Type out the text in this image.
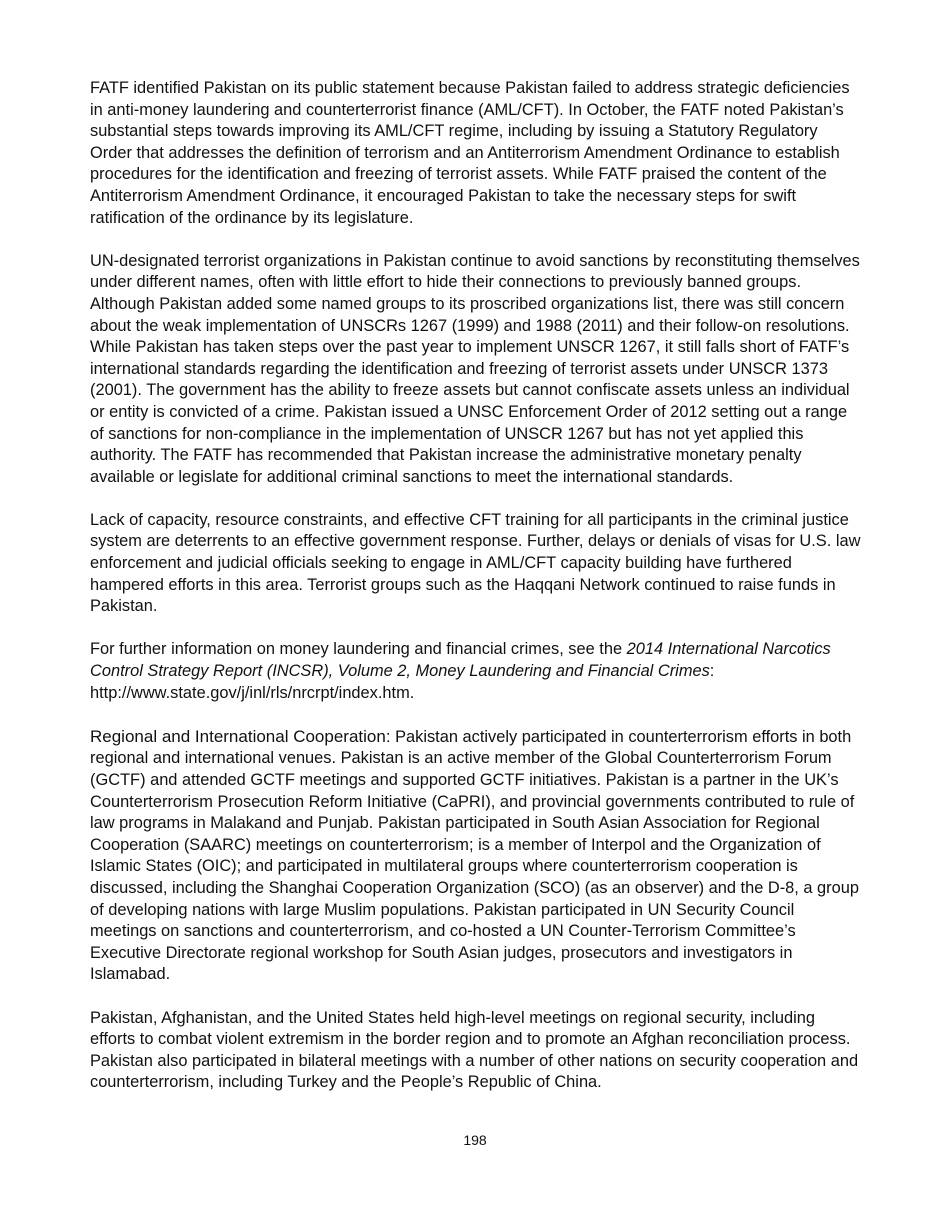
FATF identified Pakistan on its public statement because Pakistan failed to address strategic deficiencies in anti-money laundering and counterterrorist finance (AML/CFT). In October, the FATF noted Pakistan’s substantial steps towards improving its AML/CFT regime, including by issuing a Statutory Regulatory Order that addresses the definition of terrorism and an Antiterrorism Amendment Ordinance to establish procedures for the identification and freezing of terrorist assets. While FATF praised the content of the Antiterrorism Amendment Ordinance, it encouraged Pakistan to take the necessary steps for swift ratification of the ordinance by its legislature.

UN-designated terrorist organizations in Pakistan continue to avoid sanctions by reconstituting themselves under different names, often with little effort to hide their connections to previously banned groups. Although Pakistan added some named groups to its proscribed organizations list, there was still concern about the weak implementation of UNSCRs 1267 (1999) and 1988 (2011) and their follow-on resolutions. While Pakistan has taken steps over the past year to implement UNSCR 1267, it still falls short of FATF’s international standards regarding the identification and freezing of terrorist assets under UNSCR 1373 (2001). The government has the ability to freeze assets but cannot confiscate assets unless an individual or entity is convicted of a crime. Pakistan issued a UNSC Enforcement Order of 2012 setting out a range of sanctions for non-compliance in the implementation of UNSCR 1267 but has not yet applied this authority. The FATF has recommended that Pakistan increase the administrative monetary penalty available or legislate for additional criminal sanctions to meet the international standards.

Lack of capacity, resource constraints, and effective CFT training for all participants in the criminal justice system are deterrents to an effective government response. Further, delays or denials of visas for U.S. law enforcement and judicial officials seeking to engage in AML/CFT capacity building have furthered hampered efforts in this area. Terrorist groups such as the Haqqani Network continued to raise funds in Pakistan.

For further information on money laundering and financial crimes, see the 2014 International Narcotics Control Strategy Report (INCSR), Volume 2, Money Laundering and Financial Crimes:
http://www.state.gov/j/inl/rls/nrcrpt/index.htm.

Regional and International Cooperation: Pakistan actively participated in counterterrorism efforts in both regional and international venues. Pakistan is an active member of the Global Counterterrorism Forum (GCTF) and attended GCTF meetings and supported GCTF initiatives. Pakistan is a partner in the UK’s Counterterrorism Prosecution Reform Initiative (CaPRI), and provincial governments contributed to rule of law programs in Malakand and Punjab. Pakistan participated in South Asian Association for Regional Cooperation (SAARC) meetings on counterterrorism; is a member of Interpol and the Organization of Islamic States (OIC); and participated in multilateral groups where counterterrorism cooperation is discussed, including the Shanghai Cooperation Organization (SCO) (as an observer) and the D-8, a group of developing nations with large Muslim populations. Pakistan participated in UN Security Council meetings on sanctions and counterterrorism, and co-hosted a UN Counter-Terrorism Committee’s Executive Directorate regional workshop for South Asian judges, prosecutors and investigators in Islamabad.

Pakistan, Afghanistan, and the United States held high-level meetings on regional security, including efforts to combat violent extremism in the border region and to promote an Afghan reconciliation process. Pakistan also participated in bilateral meetings with a number of other nations on security cooperation and counterterrorism, including Turkey and the People’s Republic of China.

198
